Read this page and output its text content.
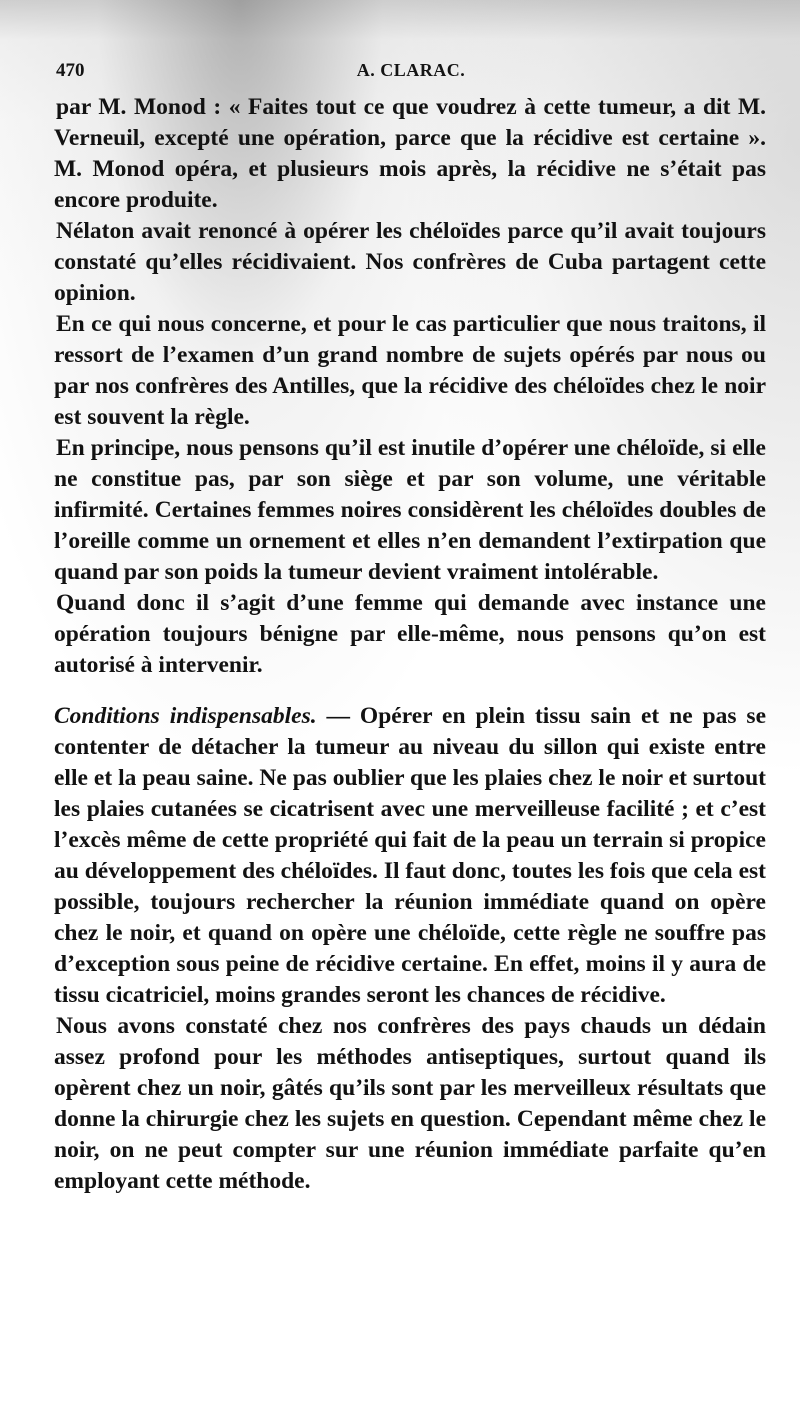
470	A. CLARAC.

par M. Monod : « Faites tout ce que voudrez à cette tumeur, a dit M. Verneuil, excepté une opération, parce que la récidive est certaine ». M. Monod opéra, et plusieurs mois après, la récidive ne s’était pas encore produite.

Nélaton avait renoncé à opérer les chéloïdes parce qu’il avait toujours constaté qu’elles récidivaient. Nos confrères de Cuba partagent cette opinion.

En ce qui nous concerne, et pour le cas particulier que nous traitons, il ressort de l’examen d’un grand nombre de sujets opérés par nous ou par nos confrères des Antilles, que la récidive des chéloïdes chez le noir est souvent la règle.

En principe, nous pensons qu’il est inutile d’opérer une chéloïde, si elle ne constitue pas, par son siège et par son volume, une véritable infirmité. Certaines femmes noires considèrent les chéloïdes doubles de l’oreille comme un ornement et elles n’en demandent l’extirpation que quand par son poids la tumeur devient vraiment intolérable.

Quand donc il s’agit d’une femme qui demande avec instance une opération toujours bénigne par elle-même, nous pensons qu’on est autorisé à intervenir.

Conditions indispensables. — Opérer en plein tissu sain et ne pas se contenter de détacher la tumeur au niveau du sillon qui existe entre elle et la peau saine. Ne pas oublier que les plaies chez le noir et surtout les plaies cutanées se cicatrisent avec une merveilleuse facilité ; et c’est l’excès même de cette propriété qui fait de la peau un terrain si propice au développement des chéloïdes. Il faut donc, toutes les fois que cela est possible, toujours rechercher la réunion immédiate quand on opère chez le noir, et quand on opère une chéloïde, cette règle ne souffre pas d’exception sous peine de récidive certaine. En effet, moins il y aura de tissu cicatriciel, moins grandes seront les chances de récidive.

Nous avons constaté chez nos confrères des pays chauds un dédain assez profond pour les méthodes antiseptiques, surtout quand ils opèrent chez un noir, gâtés qu’ils sont par les merveilleux résultats que donne la chirurgie chez les sujets en question. Cependant même chez le noir, on ne peut compter sur une réunion immédiate parfaite qu’en employant cette méthode.
